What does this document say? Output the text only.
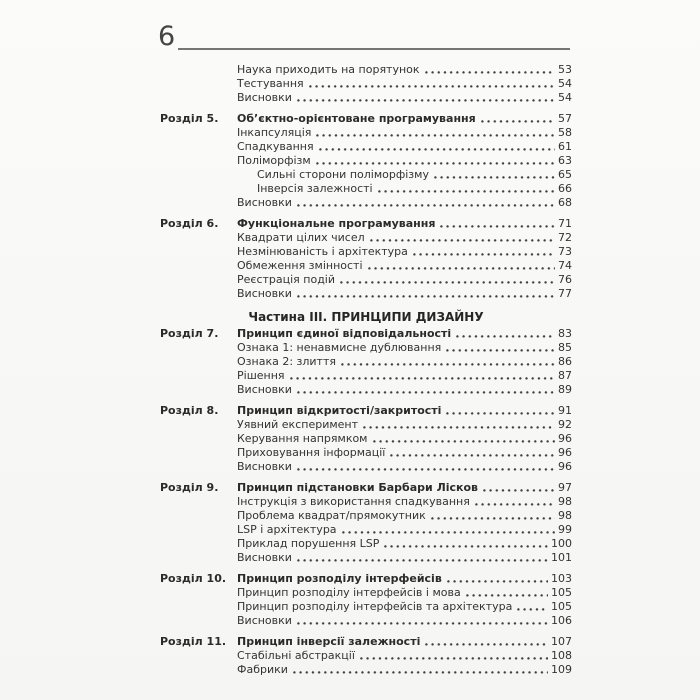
6
Наука приходить на порятунок	53
Тестування	54
Висновки	54
Розділ 5.	Об’єктно-орієнтоване програмування	57
Інкапсуляція	58
Спадкування	61
Поліморфізм	63
Сильні сторони поліморфізму	65
Інверсія залежності	66
Висновки	68
Розділ 6.	Функціональне програмування	71
Квадрати цілих чисел	72
Незмінюваність і архітектура	73
Обмеження змінності	74
Реєстрація подій	76
Висновки	77
Частина III. ПРИНЦИПИ ДИЗАЙНУ
Розділ 7.	Принцип єдиної відповідальності	83
Ознака 1: ненавмисне дублювання	85
Ознака 2: злиття	86
Рішення	87
Висновки	89
Розділ 8.	Принцип відкритості/закритості	91
Уявний експеримент	92
Керування напрямком	96
Приховування інформації	96
Висновки	96
Розділ 9.	Принцип підстановки Барбари Лісков	97
Інструкція з використання спадкування	98
Проблема квадрат/прямокутник	98
LSP і архітектура	99
Приклад порушення LSP	100
Висновки	101
Розділ 10. Принцип розподілу інтерфейсів	103
Принцип розподілу інтерфейсів і мова	105
Принцип розподілу інтерфейсів та архітектура	105
Висновки	106
Розділ 11. Принцип інверсії залежності	107
Стабільні абстракції	108
Фабрики	109
